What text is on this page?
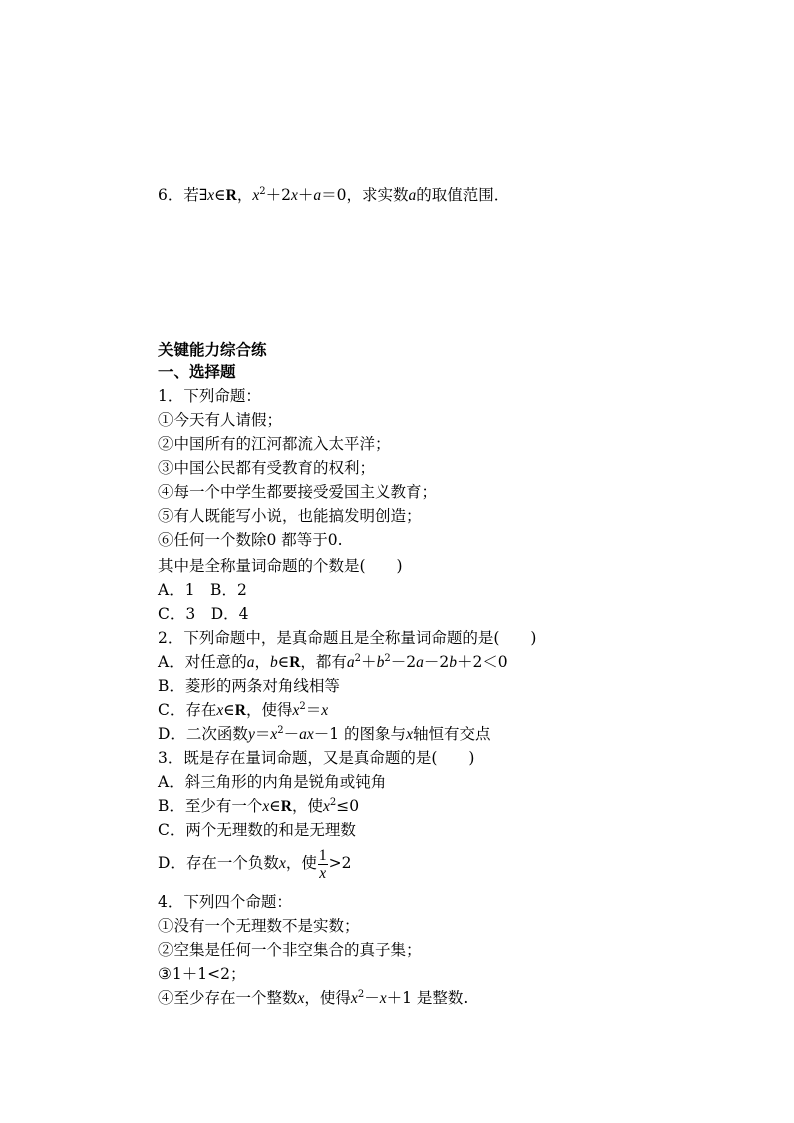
6．若∃x∈R，$x^2+2x+a=0$，求实数a的取值范围．
关键能力综合练
一、选择题
1．下列命题：
①今天有人请假；
②中国所有的江河都流入太平洋；
③中国公民都有受教育的权利；
④每一个中学生都要接受爱国主义教育；
⑤有人既能写小说，也能搞发明创造；
⑥任何一个数除0 都等于0.
其中是全称量词命题的个数是(　　)
A．1　B．2
C．3　D．4
2．下列命题中，是真命题且是全称量词命题的是(　　)
A．对任意的a，b∈R，都有$a^2+b^2-2a-2b+2<0$
B．菱形的两条对角线相等
C．存在x∈R，使得$x^2=x$
D．二次函数$y=x^2-ax-1$ 的图象与x轴恒有交点
3．既是存在量词命题，又是真命题的是(　　)
A．斜三角形的内角是锐角或钝角
B．至少有一个x∈R，使$x^2\le 0$
C．两个无理数的和是无理数
D．存在一个负数x，使 $\frac{1}{x} >2$
4．下列四个命题：
①没有一个无理数不是实数；
②空集是任何一个非空集合的真子集；
③1＋1<2；
④至少存在一个整数x，使得$x^2-x+1$ 是整数.
